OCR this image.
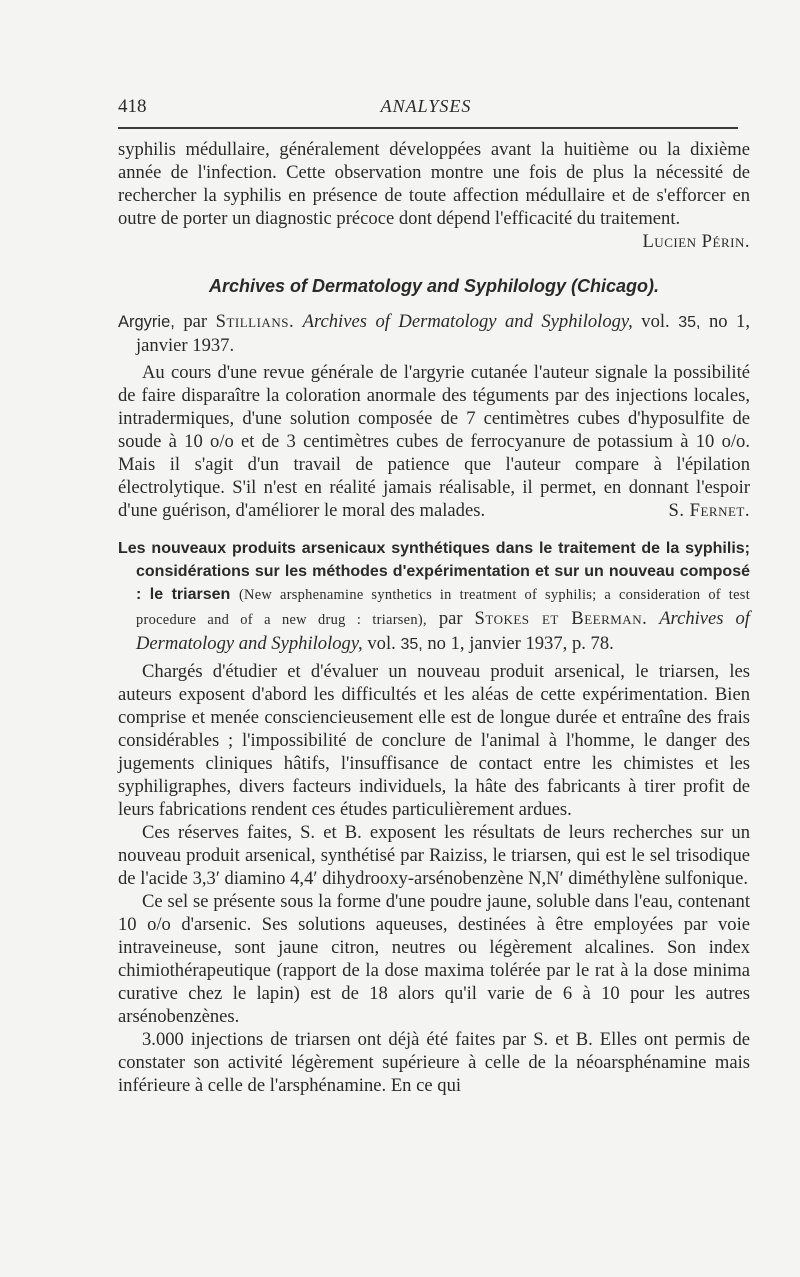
418	ANALYSES

syphilis médullaire, généralement développées avant la huitième ou la dixième année de l'infection. Cette observation montre une fois de plus la nécessité de rechercher la syphilis en présence de toute affection médullaire et de s'efforcer en outre de porter un diagnostic précoce dont dépend l'efficacité du traitement.
Lucien Périn.

Archives of Dermatology and Syphilology (Chicago).

Argyrie, par Stillians. Archives of Dermatology and Syphilology, vol. 35, no 1, janvier 1937.

Au cours d'une revue générale de l'argyrie cutanée l'auteur signale la possibilité de faire disparaître la coloration anormale des téguments par des injections locales, intradermiques, d'une solution composée de 7 centimètres cubes d'hyposulfite de soude à 10 o/o et de 3 centimètres cubes de ferrocyanure de potassium à 10 o/o. Mais il s'agit d'un travail de patience que l'auteur compare à l'épilation électrolytique. S'il n'est en réalité jamais réalisable, il permet, en donnant l'espoir d'une guérison, d'améliorer le moral des malades.	S. Fernet.

Les nouveaux produits arsenicaux synthétiques dans le traitement de la syphilis; considérations sur les méthodes d'expérimentation et sur un nouveau composé : le triarsen (New arsphenamine synthetics in treatment of syphilis; a consideration of test procedure and of a new drug : triarsen), par Stokes et Beerman. Archives of Dermatology and Syphilology, vol. 35, no 1, janvier 1937, p. 78.

Chargés d'étudier et d'évaluer un nouveau produit arsenical, le triarsen, les auteurs exposent d'abord les difficultés et les aléas de cette expérimentation. Bien comprise et menée consciencieusement elle est de longue durée et entraîne des frais considérables ; l'impossibilité de conclure de l'animal à l'homme, le danger des jugements cliniques hâtifs, l'insuffisance de contact entre les chimistes et les syphiligraphes, divers facteurs individuels, la hâte des fabricants à tirer profit de leurs fabrications rendent ces études particulièrement ardues.

Ces réserves faites, S. et B. exposent les résultats de leurs recherches sur un nouveau produit arsenical, synthétisé par Raiziss, le triarsen, qui est le sel trisodique de l'acide 3,3′ diamino 4,4′ dihydrooxy-arsénobenzène N,N′ diméthylène sulfonique.

Ce sel se présente sous la forme d'une poudre jaune, soluble dans l'eau, contenant 10 o/o d'arsenic. Ses solutions aqueuses, destinées à être employées par voie intraveineuse, sont jaune citron, neutres ou légèrement alcalines. Son index chimiothérapeutique (rapport de la dose maxima tolérée par le rat à la dose minima curative chez le lapin) est de 18 alors qu'il varie de 6 à 10 pour les autres arsénobenzènes.

3.000 injections de triarsen ont déjà été faites par S. et B. Elles ont permis de constater son activité légèrement supérieure à celle de la néoarsphénamine mais inférieure à celle de l'arsphénamine. En ce qui
